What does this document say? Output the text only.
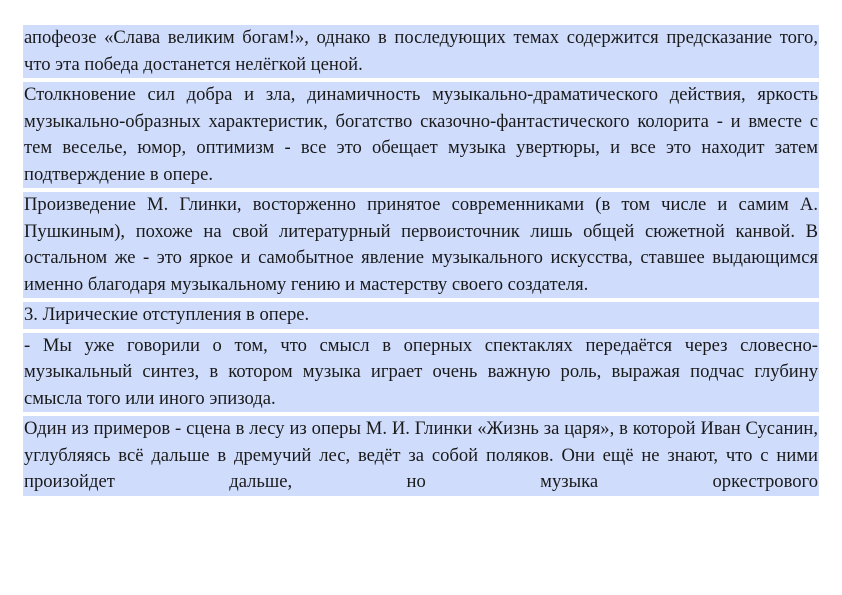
апофеозе «Слава великим богам!», однако в последующих темах содержится предсказание того, что эта победа достанется нелёгкой ценой.

Столкновение сил добра и зла, динамичность музыкально-драматического действия, яркость музыкально-образных характеристик, богатство сказочно-фантастического колорита - и вместе с тем веселье, юмор, оптимизм - все это обещает музыка увертюры, и все это находит затем подтверждение в опере.

Произведение М. Глинки, восторженно принятое современниками (в том числе и самим А. Пушкиным), похоже на свой литературный первоисточник лишь общей сюжетной канвой. В остальном же - это яркое и самобытное явление музыкального искусства, ставшее выдающимся именно благодаря музыкальному гению и мастерству своего создателя.

3. Лирические отступления в опере.

- Мы уже говорили о том, что смысл в оперных спектаклях передаётся через словесно-музыкальный синтез, в котором музыка играет очень важную роль, выражая подчас глубину смысла того или иного эпизода.

Один из примеров - сцена в лесу из оперы М. И. Глинки «Жизнь за царя», в которой Иван Сусанин, углубляясь всё дальше в дремучий лес, ведёт за собой поляков. Они ещё не знают, что с ними произойдет дальше, но музыка оркестрового
